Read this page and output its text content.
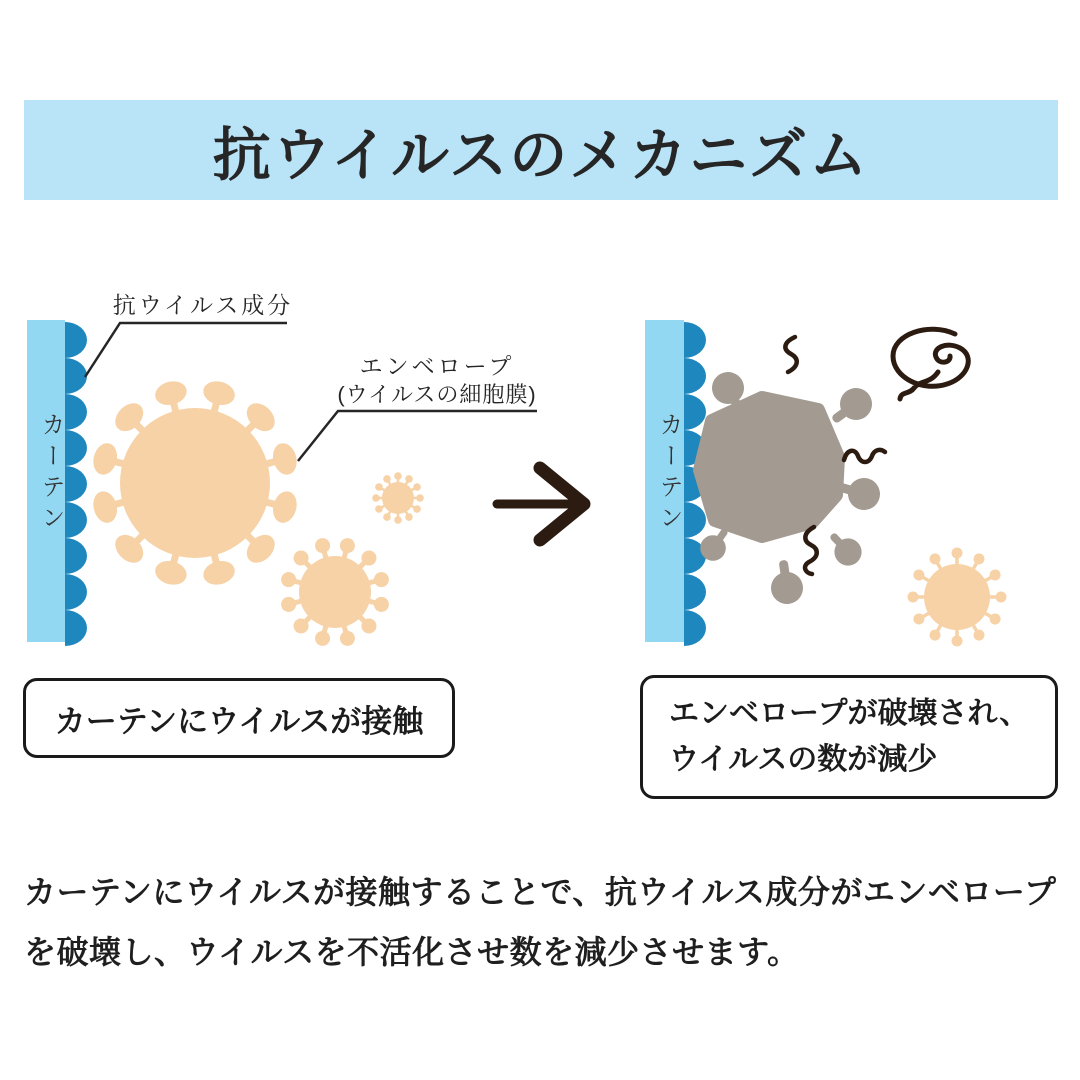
抗ウイルスのメカニズム
抗ウイルス成分
エンベロープ
(ウイルスの細胞膜)
カーテン	カーテン
カーテンにウイルスが接触	エンベロープが破壊され、
ウイルスの数が減少
カーテンにウイルスが接触することで、抗ウイルス成分がエンベロープ
を破壊し、ウイルスを不活化させ数を減少させます。
